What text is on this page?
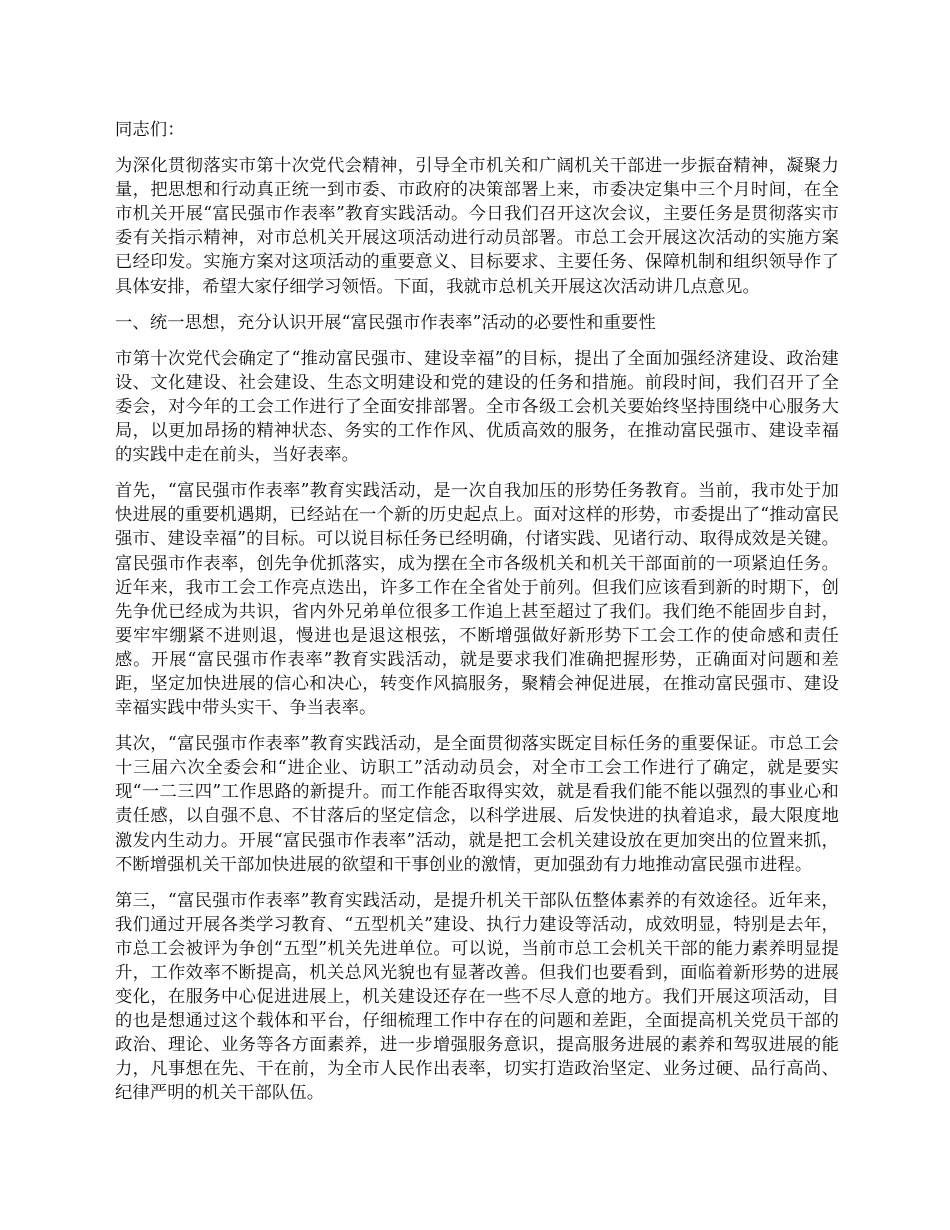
同志们：

为深化贯彻落实市第十次党代会精神，引导全市机关和广阔机关干部进一步振奋精神，凝聚力量，把思想和行动真正统一到市委、市政府的决策部署上来，市委决定集中三个月时间，在全市机关开展“富民强市作表率”教育实践活动。今日我们召开这次会议，主要任务是贯彻落实市委有关指示精神，对市总机关开展这项活动进行动员部署。市总工会开展这次活动的实施方案已经印发。实施方案对这项活动的重要意义、目标要求、主要任务、保障机制和组织领导作了具体安排，希望大家仔细学习领悟。下面，我就市总机关开展这次活动讲几点意见。

一、统一思想，充分认识开展“富民强市作表率”活动的必要性和重要性

市第十次党代会确定了“推动富民强市、建设幸福”的目标，提出了全面加强经济建设、政治建设、文化建设、社会建设、生态文明建设和党的建设的任务和措施。前段时间，我们召开了全委会，对今年的工会工作进行了全面安排部署。全市各级工会机关要始终坚持围绕中心服务大局，以更加昂扬的精神状态、务实的工作作风、优质高效的服务，在推动富民强市、建设幸福的实践中走在前头，当好表率。

首先，“富民强市作表率”教育实践活动，是一次自我加压的形势任务教育。当前，我市处于加快进展的重要机遇期，已经站在一个新的历史起点上。面对这样的形势，市委提出了“推动富民强市、建设幸福”的目标。可以说目标任务已经明确，付诸实践、见诸行动、取得成效是关键。富民强市作表率，创先争优抓落实，成为摆在全市各级机关和机关干部面前的一项紧迫任务。近年来，我市工会工作亮点迭出，许多工作在全省处于前列。但我们应该看到新的时期下，创先争优已经成为共识，省内外兄弟单位很多工作追上甚至超过了我们。我们绝不能固步自封，要牢牢绷紧不进则退，慢进也是退这根弦，不断增强做好新形势下工会工作的使命感和责任感。开展“富民强市作表率”教育实践活动，就是要求我们准确把握形势，正确面对问题和差距，坚定加快进展的信心和决心，转变作风搞服务，聚精会神促进展，在推动富民强市、建设幸福实践中带头实干、争当表率。

其次，“富民强市作表率”教育实践活动，是全面贯彻落实既定目标任务的重要保证。市总工会十三届六次全委会和“进企业、访职工”活动动员会，对全市工会工作进行了确定，就是要实现“一二三四”工作思路的新提升。而工作能否取得实效，就是看我们能不能以强烈的事业心和责任感，以自强不息、不甘落后的坚定信念，以科学进展、后发快进的执着追求，最大限度地激发内生动力。开展“富民强市作表率”活动，就是把工会机关建设放在更加突出的位置来抓，不断增强机关干部加快进展的欲望和干事创业的激情，更加强劲有力地推动富民强市进程。

第三，“富民强市作表率”教育实践活动，是提升机关干部队伍整体素养的有效途径。近年来，我们通过开展各类学习教育、“五型机关”建设、执行力建设等活动，成效明显，特别是去年，市总工会被评为争创“五型”机关先进单位。可以说，当前市总工会机关干部的能力素养明显提升，工作效率不断提高，机关总风光貌也有显著改善。但我们也要看到，面临着新形势的进展变化，在服务中心促进进展上，机关建设还存在一些不尽人意的地方。我们开展这项活动，目的也是想通过这个载体和平台，仔细梳理工作中存在的问题和差距，全面提高机关党员干部的政治、理论、业务等各方面素养，进一步增强服务意识，提高服务进展的素养和驾驭进展的能力，凡事想在先、干在前，为全市人民作出表率，切实打造政治坚定、业务过硬、品行高尚、纪律严明的机关干部队伍。
